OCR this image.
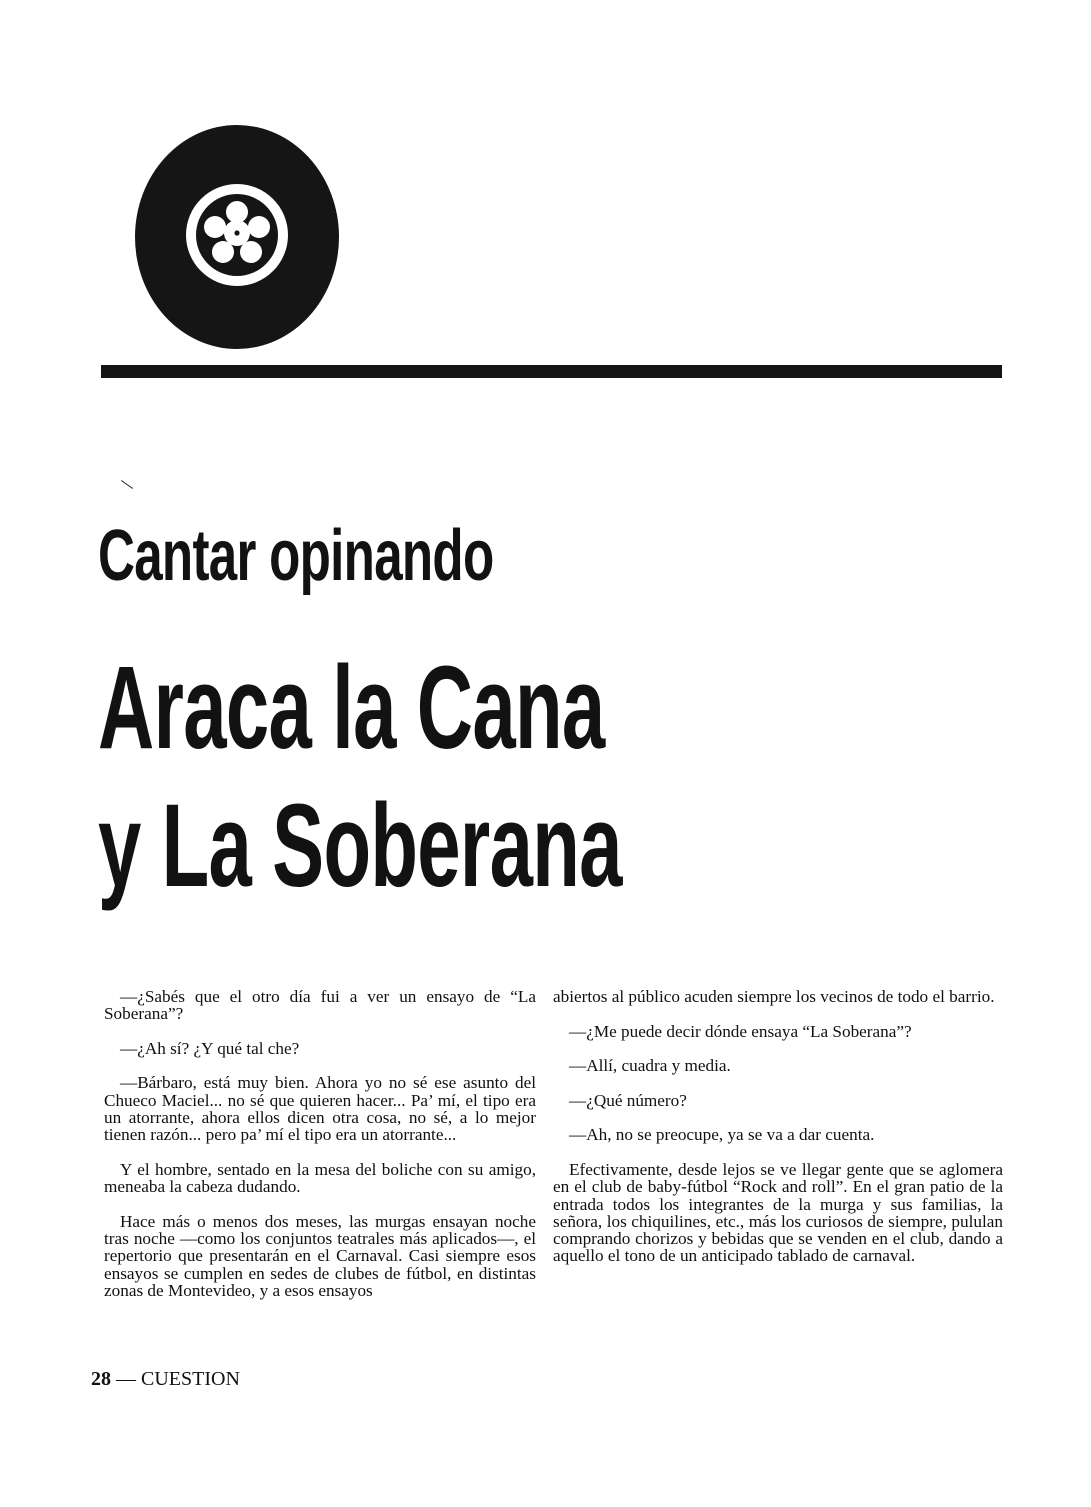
REPORTAJES y TESTIMONIOS
Cantar opinando
Araca la Cana
y La Soberana

—¿Sabés que el otro día fui a ver un ensayo de “La Soberana”?

—¿Ah sí? ¿Y qué tal che?

—Bárbaro, está muy bien. Ahora yo no sé ese asunto del Chueco Maciel... no sé que quieren hacer... Pa’ mí, el tipo era un atorrante, ahora ellos dicen otra cosa, no sé, a lo mejor tienen razón... pero pa’ mí el tipo era un atorrante...

Y el hombre, sentado en la mesa del boliche con su amigo, meneaba la cabeza dudando.

Hace más o menos dos meses, las murgas ensayan noche tras noche —como los conjuntos teatrales más aplicados—, el repertorio que presentarán en el Carnaval. Casi siempre esos ensayos se cumplen en sedes de clubes de fútbol, en distintas zonas de Montevideo, y a esos ensayos

abiertos al público acuden siempre los vecinos de todo el barrio.

—¿Me puede decir dónde ensaya “La Soberana”?

—Allí, cuadra y media.

—¿Qué número?

—Ah, no se preocupe, ya se va a dar cuenta.

Efectivamente, desde lejos se ve llegar gente que se aglomera en el club de baby-fútbol “Rock and roll”. En el gran patio de la entrada todos los integrantes de la murga y sus familias, la señora, los chiquilines, etc., más los curiosos de siempre, pululan comprando chorizos y bebidas que se venden en el club, dando a aquello el tono de un anticipado tablado de carnaval.

28 — CUESTION
